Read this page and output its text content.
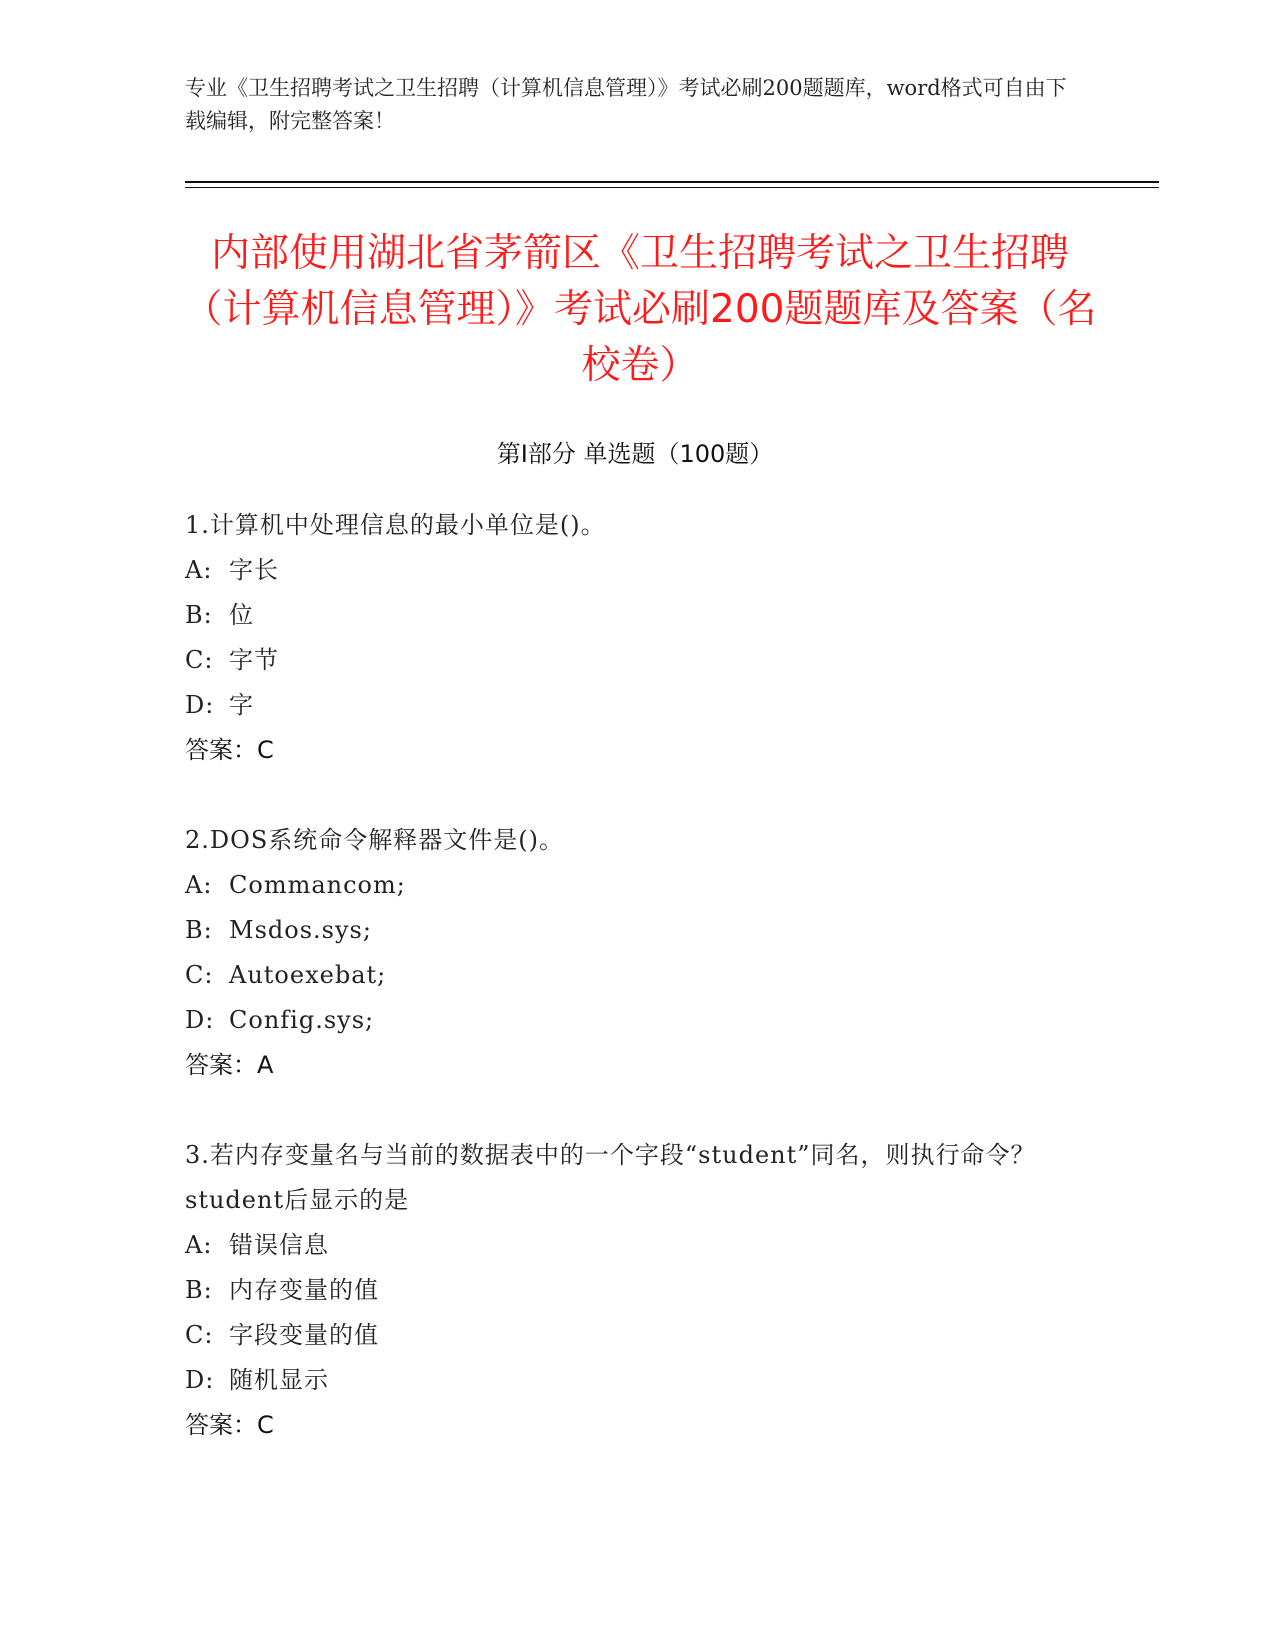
专业《卫生招聘考试之卫生招聘（计算机信息管理）》考试必刷200题题库，word格式可自由下载编辑，附完整答案！
内部使用湖北省茅箭区《卫生招聘考试之卫生招聘（计算机信息管理）》考试必刷200题题库及答案（名校卷）
第Ⅰ部分 单选题（100题）
1.计算机中处理信息的最小单位是()。
A: 字长
B: 位
C: 字节
D: 字
答案：C
2.DOS系统命令解释器文件是()。
A: Commancom;
B: Msdos.sys;
C: Autoexebat;
D: Config.sys;
答案：A
3.若内存变量名与当前的数据表中的一个字段“student”同名，则执行命令？student后显示的是
A: 错误信息
B: 内存变量的值
C: 字段变量的值
D: 随机显示
答案：C
